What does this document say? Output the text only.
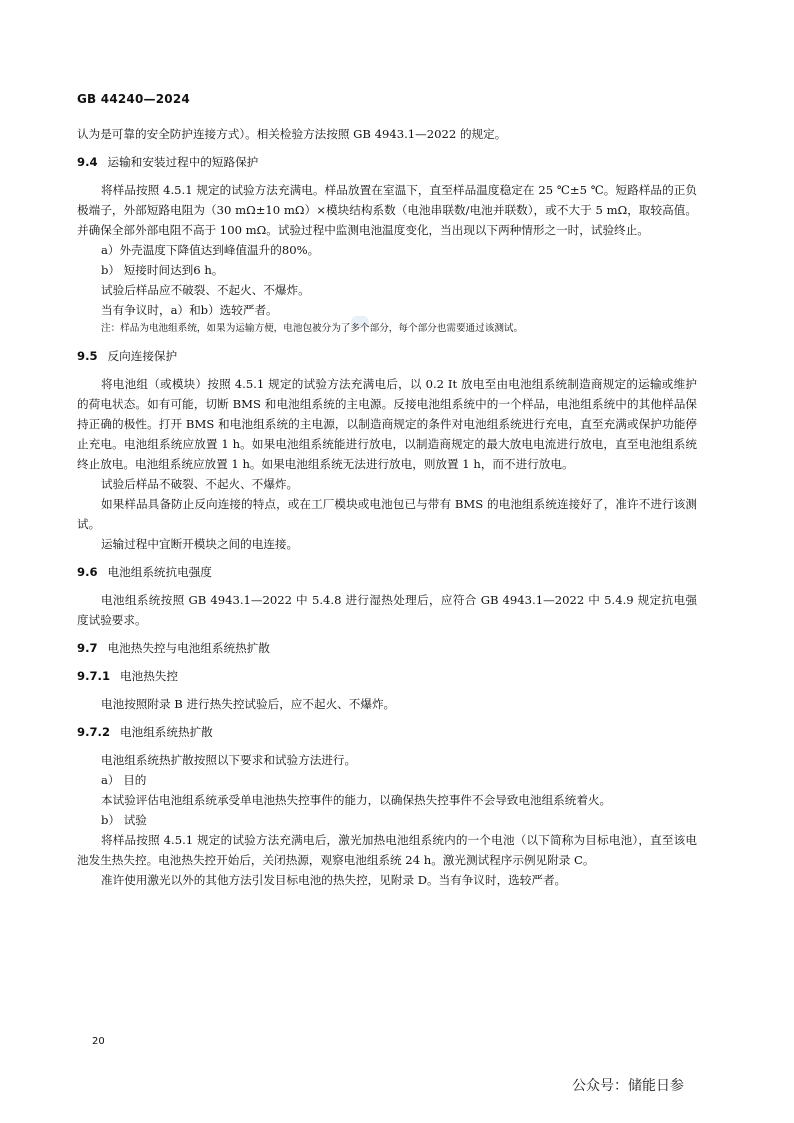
GB 44240—2024

认为是可靠的安全防护连接方式）。相关检验方法按照 GB 4943.1—2022 的规定。

9.4 运输和安装过程中的短路保护

将样品按照 4.5.1 规定的试验方法充满电。样品放置在室温下，直至样品温度稳定在 25 ℃±5 ℃。短路样品的正负极端子，外部短路电阻为（30 mΩ±10 mΩ）×模块结构系数（电池串联数/电池并联数），或不大于 5 mΩ，取较高值。并确保全部外部电阻不高于 100 mΩ。试验过程中监测电池温度变化，当出现以下两种情形之一时，试验终止。

a）外壳温度下降值达到峰值温升的80%。

b） 短接时间达到6 h。

试验后样品应不破裂、不起火、不爆炸。

当有争议时，a）和b）选较严者。

注：样品为电池组系统，如果为运输方便，电池包被分为了多个部分，每个部分也需要通过该测试。

9.5 反向连接保护

将电池组（或模块）按照 4.5.1 规定的试验方法充满电后，以 0.2 It 放电至由电池组系统制造商规定的运输或维护的荷电状态。如有可能，切断 BMS 和电池组系统的主电源。反接电池组系统中的一个样品，电池组系统中的其他样品保持正确的极性。打开 BMS 和电池组系统的主电源，以制造商规定的条件对电池组系统进行充电，直至充满或保护功能停止充电。电池组系统应放置 1 h。如果电池组系统能进行放电，以制造商规定的最大放电电流进行放电，直至电池组系统终止放电。电池组系统应放置 1 h。如果电池组系统无法进行放电，则放置 1 h，而不进行放电。

试验后样品不破裂、不起火、不爆炸。

如果样品具备防止反向连接的特点，或在工厂模块或电池包已与带有 BMS 的电池组系统连接好了，准许不进行该测试。

运输过程中宜断开模块之间的电连接。

9.6 电池组系统抗电强度

电池组系统按照 GB 4943.1—2022 中 5.4.8 进行湿热处理后，应符合 GB 4943.1—2022 中 5.4.9 规定抗电强度试验要求。

9.7 电池热失控与电池组系统热扩散

9.7.1 电池热失控

电池按照附录 B 进行热失控试验后，应不起火、不爆炸。

9.7.2 电池组系统热扩散

电池组系统热扩散按照以下要求和试验方法进行。

a） 目的

本试验评估电池组系统承受单电池热失控事件的能力，以确保热失控事件不会导致电池组系统着火。

b） 试验

将样品按照 4.5.1 规定的试验方法充满电后，激光加热电池组系统内的一个电池（以下简称为目标电池），直至该电池发生热失控。电池热失控开始后，关闭热源，观察电池组系统 24 h。激光测试程序示例见附录 C。

准许使用激光以外的其他方法引发目标电池的热失控，见附录 D。当有争议时，选较严者。

20
公众号：储能日参
